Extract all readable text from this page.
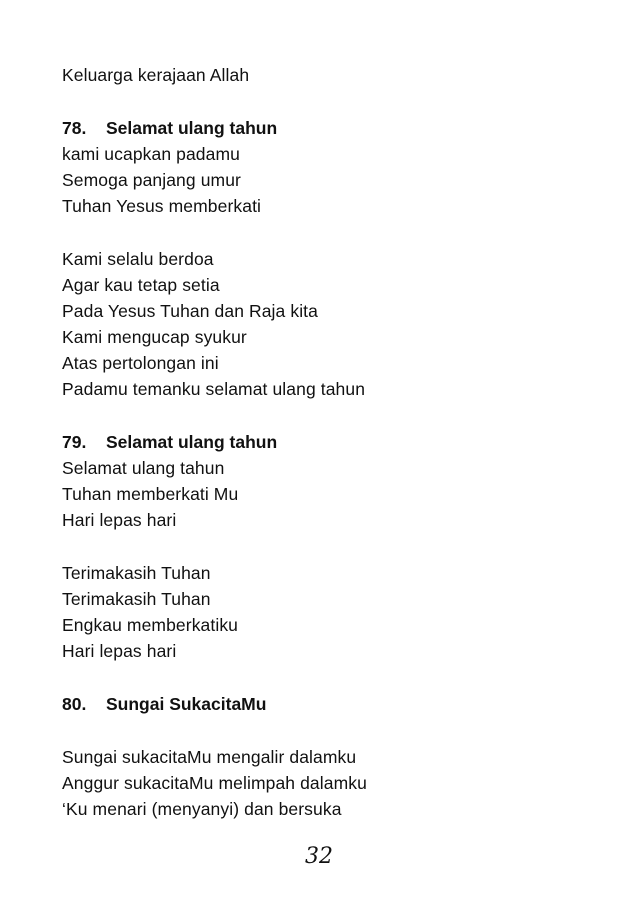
Keluarga kerajaan Allah
78. Selamat ulang tahun
kami ucapkan padamu
Semoga panjang umur
Tuhan Yesus memberkati
Kami selalu berdoa
Agar kau tetap setia
Pada Yesus Tuhan dan Raja kita
Kami mengucap syukur
Atas pertolongan ini
Padamu temanku selamat ulang tahun
79. Selamat ulang tahun
Selamat ulang tahun
Tuhan memberkati Mu
Hari lepas hari
Terimakasih Tuhan
Terimakasih Tuhan
Engkau memberkatiku
Hari lepas hari
80. Sungai SukacitaMu
Sungai sukacitaMu mengalir dalamku
Anggur sukacitaMu melimpah dalamku
‘Ku menari (menyanyi) dan bersuka
32
